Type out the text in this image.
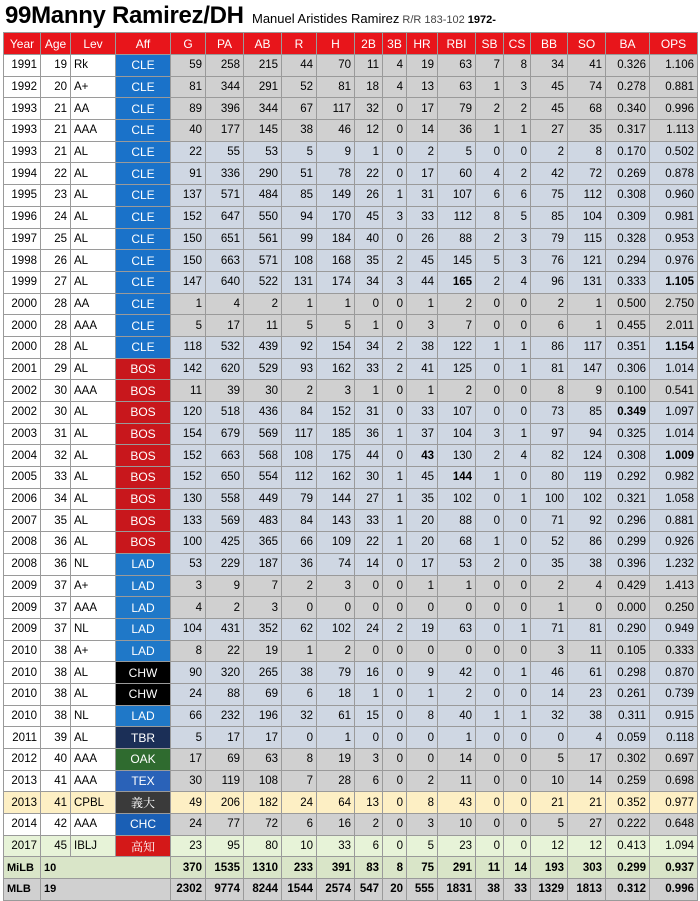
99Manny Ramirez/DH Manuel Aristides Ramirez R/R 183-102 1972-
Year	Age	Lev	Aff	G	PA	AB	R	H	2B	3B	HR	RBI	SB	CS	BB	SO	BA	OPS
1991	19	Rk	CLE	59	258	215	44	70	11	4	19	63	7	8	34	41	0.326	1.106
1992	20	A+	CLE	81	344	291	52	81	18	4	13	63	1	3	45	74	0.278	0.881
1993	21	AA	CLE	89	396	344	67	117	32	0	17	79	2	2	45	68	0.340	0.996
1993	21	AAA	CLE	40	177	145	38	46	12	0	14	36	1	1	27	35	0.317	1.113
1993	21	AL	CLE	22	55	53	5	9	1	0	2	5	0	0	2	8	0.170	0.502
1994	22	AL	CLE	91	336	290	51	78	22	0	17	60	4	2	42	72	0.269	0.878
1995	23	AL	CLE	137	571	484	85	149	26	1	31	107	6	6	75	112	0.308	0.960
1996	24	AL	CLE	152	647	550	94	170	45	3	33	112	8	5	85	104	0.309	0.981
1997	25	AL	CLE	150	651	561	99	184	40	0	26	88	2	3	79	115	0.328	0.953
1998	26	AL	CLE	150	663	571	108	168	35	2	45	145	5	3	76	121	0.294	0.976
1999	27	AL	CLE	147	640	522	131	174	34	3	44	165	2	4	96	131	0.333	1.105
2000	28	AA	CLE	1	4	2	1	1	0	0	1	2	0	0	2	1	0.500	2.750
2000	28	AAA	CLE	5	17	11	5	5	1	0	3	7	0	0	6	1	0.455	2.011
2000	28	AL	CLE	118	532	439	92	154	34	2	38	122	1	1	86	117	0.351	1.154
2001	29	AL	BOS	142	620	529	93	162	33	2	41	125	0	1	81	147	0.306	1.014
2002	30	AAA	BOS	11	39	30	2	3	1	0	1	2	0	0	8	9	0.100	0.541
2002	30	AL	BOS	120	518	436	84	152	31	0	33	107	0	0	73	85	0.349	1.097
2003	31	AL	BOS	154	679	569	117	185	36	1	37	104	3	1	97	94	0.325	1.014
2004	32	AL	BOS	152	663	568	108	175	44	0	43	130	2	4	82	124	0.308	1.009
2005	33	AL	BOS	152	650	554	112	162	30	1	45	144	1	0	80	119	0.292	0.982
2006	34	AL	BOS	130	558	449	79	144	27	1	35	102	0	1	100	102	0.321	1.058
2007	35	AL	BOS	133	569	483	84	143	33	1	20	88	0	0	71	92	0.296	0.881
2008	36	AL	BOS	100	425	365	66	109	22	1	20	68	1	0	52	86	0.299	0.926
2008	36	NL	LAD	53	229	187	36	74	14	0	17	53	2	0	35	38	0.396	1.232
2009	37	A+	LAD	3	9	7	2	3	0	0	1	1	0	0	2	4	0.429	1.413
2009	37	AAA	LAD	4	2	3	0	0	0	0	0	0	0	0	1	0	0.000	0.250
2009	37	NL	LAD	104	431	352	62	102	24	2	19	63	0	1	71	81	0.290	0.949
2010	38	A+	LAD	8	22	19	1	2	0	0	0	0	0	0	3	11	0.105	0.333
2010	38	AL	CHW	90	320	265	38	79	16	0	9	42	0	1	46	61	0.298	0.870
2010	38	AL	CHW	24	88	69	6	18	1	0	1	2	0	0	14	23	0.261	0.739
2010	38	NL	LAD	66	232	196	32	61	15	0	8	40	1	1	32	38	0.311	0.915
2011	39	AL	TBR	5	17	17	0	1	0	0	0	1	0	0	0	4	0.059	0.118
2012	40	AAA	OAK	17	69	63	8	19	3	0	0	14	0	0	5	17	0.302	0.697
2013	41	AAA	TEX	30	119	108	7	28	6	0	2	11	0	0	10	14	0.259	0.698
2013	41	CPBL	義大	49	206	182	24	64	13	0	8	43	0	0	21	21	0.352	0.977
2014	42	AAA	CHC	24	77	72	6	16	2	0	3	10	0	0	5	27	0.222	0.648
2017	45	IBLJ	高知	23	95	80	10	33	6	0	5	23	0	0	12	12	0.413	1.094
MiLB	10			370	1535	1310	233	391	83	8	75	291	11	14	193	303	0.299	0.937
MLB	19			2302	9774	8244	1544	2574	547	20	555	1831	38	33	1329	1813	0.312	0.996
